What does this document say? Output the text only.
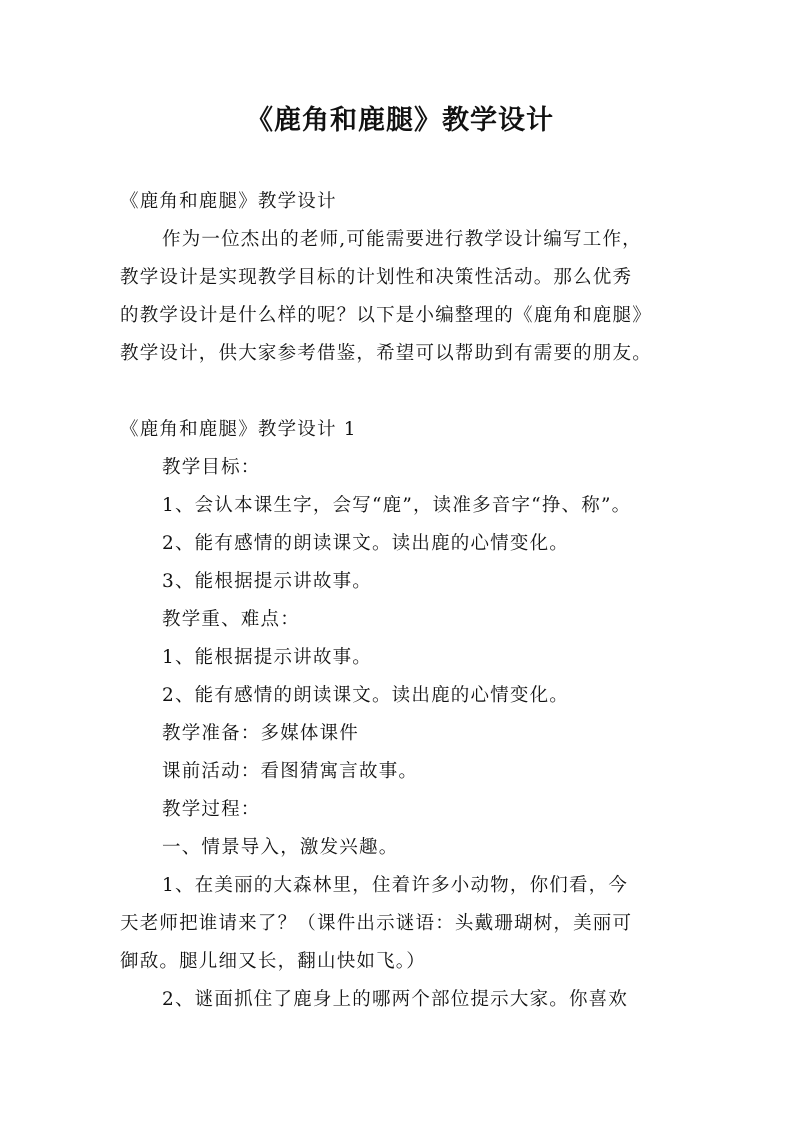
《鹿角和鹿腿》教学设计
《鹿角和鹿腿》教学设计
作为一位杰出的老师,可能需要进行教学设计编写工作，
教学设计是实现教学目标的计划性和决策性活动。那么优秀
的教学设计是什么样的呢？以下是小编整理的《鹿角和鹿腿》
教学设计，供大家参考借鉴，希望可以帮助到有需要的朋友。
《鹿角和鹿腿》教学设计 1
教学目标：
1、会认本课生字，会写“鹿”，读准多音字“挣、称”。
2、能有感情的朗读课文。读出鹿的心情变化。
3、能根据提示讲故事。
教学重、难点：
1、能根据提示讲故事。
2、能有感情的朗读课文。读出鹿的心情变化。
教学准备：多媒体课件
课前活动：看图猜寓言故事。
教学过程：
一、情景导入，激发兴趣。
1、在美丽的大森林里，住着许多小动物，你们看，今
天老师把谁请来了？（课件出示谜语：头戴珊瑚树，美丽可
御敌。腿儿细又长，翻山快如飞。）
2、谜面抓住了鹿身上的哪两个部位提示大家。你喜欢
